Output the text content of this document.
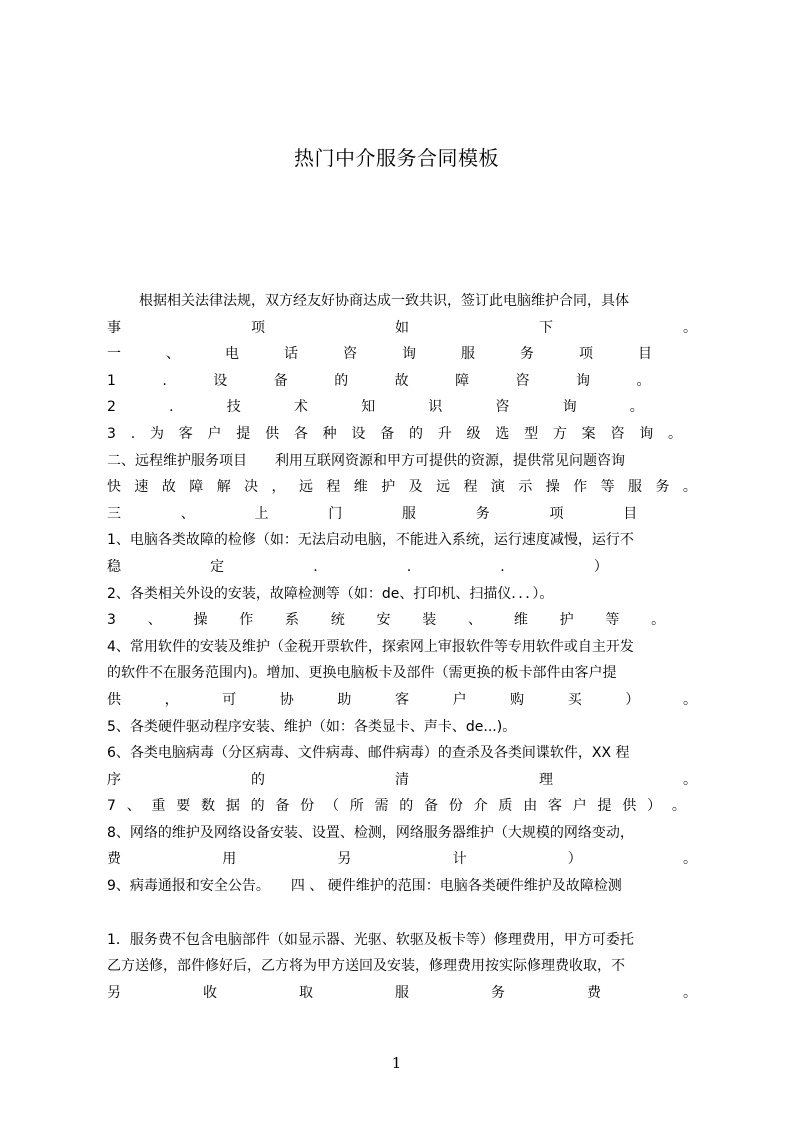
热门中介服务合同模板
根据相关法律法规，双方经友好协商达成一致共识，签订此电脑维护合同，具体
事	项	如	下	。
一	、	电	话	咨	询	服	务	项	目
1	.	设	备	的	故	障	咨	询	。
2	.	技	术	知	识	咨	询	。
3 . 为 客 户 提 供 各 种 设 备 的 升 级 选 型 方 案 咨 询 。
二、远程维护服务项目　　利用互联网资源和甲方可提供的资源，提供常见问题咨询
快 速 故 障 解 决 ， 远 程 维 护 及 远 程 演 示 操 作 等 服 务 。
三	、	上	门	服	务	项	目
1、电脑各类故障的检修（如：无法启动电脑，不能进入系统，运行速度减慢，运行不
稳	定	.	.	.	）
2、各类相关外设的安装，故障检测等（如：de、打印机、扫描仪．．．）。
3 、 操 作 系 统 安 装 、 维 护 等 。
4、常用软件的安装及维护（金税开票软件，探索网上审报软件等专用软件或自主开发
的软件不在服务范围内)。增加、更换电脑板卡及部件（需更换的板卡部件由客户提
供	，	可	协	助	客	户	购	买	）	。
5、各类硬件驱动程序安装、维护（如：各类显卡、声卡、de...)。
6、各类电脑病毒（分区病毒、文件病毒、邮件病毒）的查杀及各类间谍软件，XX 程
序	的	清	理	。
7 、 重 要 数 据 的 备 份 （ 所 需 的 备 份 介 质 由 客 户 提 供 ） 。
8、网络的维护及网络设备安装、设置、检测，网络服务器维护（大规模的网络变动，
费	用	另	计	）	。
9、病毒通报和安全公告。　　四 、 硬件维护的范围：电脑各类硬件维护及故障检测
1．服务费不包含电脑部件（如显示器、光驱、软驱及板卡等）修理费用，甲方可委托
乙方送修，部件修好后，乙方将为甲方送回及安装，修理费用按实际修理费收取，不
另	收	取	服	务	费	。
1
